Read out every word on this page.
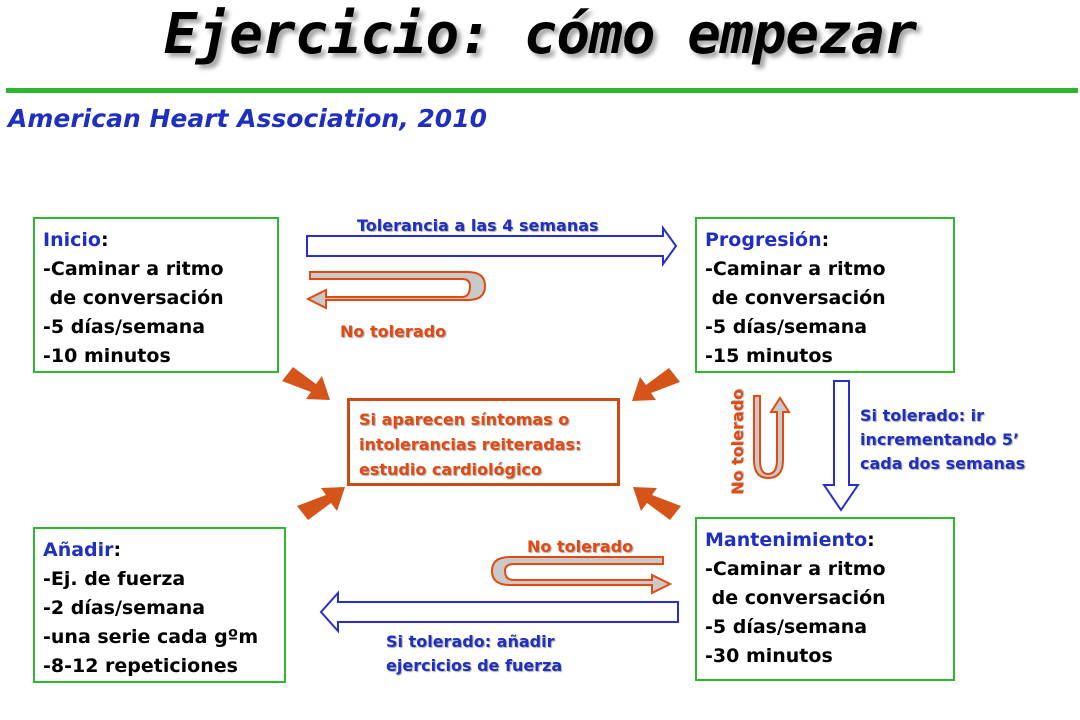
Ejercicio: cómo empezar
American Heart Association, 2010
Inicio:
-Caminar a ritmo
de conversación
-5 días/semana
-10 minutos
Progresión:
-Caminar a ritmo
de conversación
-5 días/semana
-15 minutos
Añadir:
-Ej. de fuerza
-2 días/semana
-una serie cada gºm
-8-12 repeticiones
Mantenimiento:
-Caminar a ritmo
de conversación
-5 días/semana
-30 minutos
Si aparecen síntomas o
intolerancias reiteradas:
estudio cardiológico
Tolerancia a las 4 semanas
No tolerado
No tolerado
No tolerado	Si tolerado: ir
incrementando 5’
cada dos semanas
Si tolerado: añadir
ejercicios de fuerza
